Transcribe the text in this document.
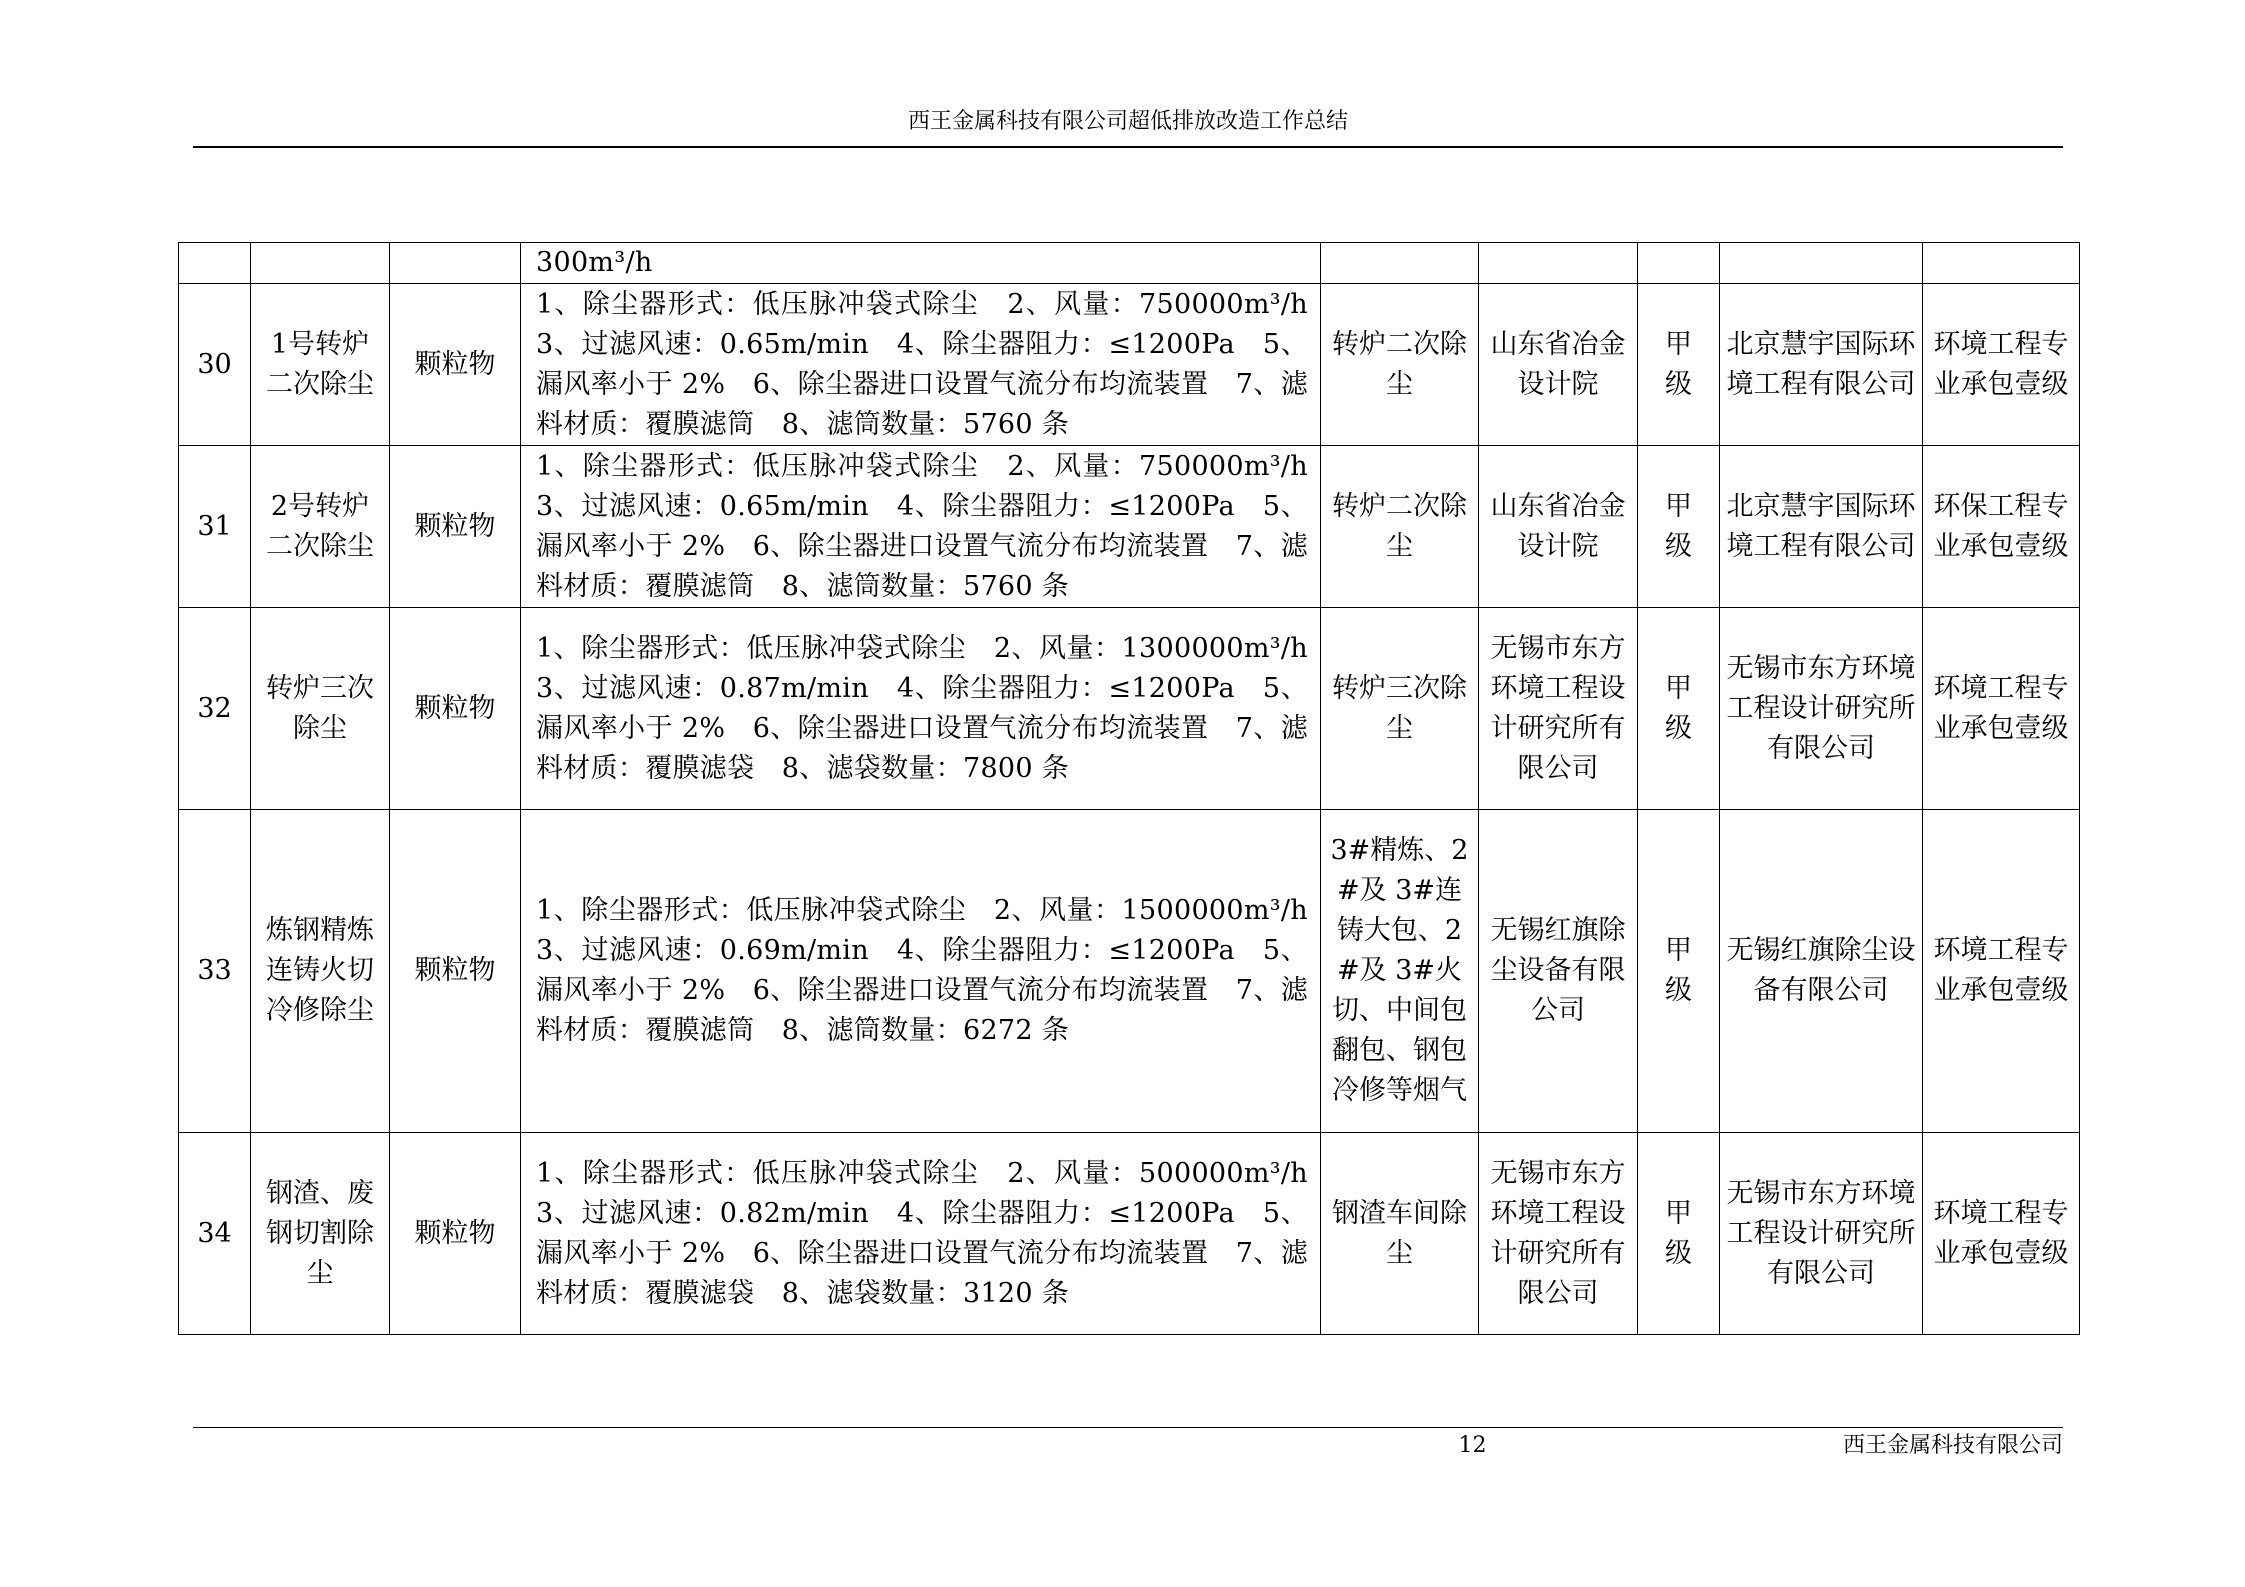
西王金属科技有限公司超低排放改造工作总结
			300m³/h					
30	1号转炉二次除尘	颗粒物	1、除尘器形式：低压脉冲袋式除尘　2、风量：750000m³/h　3、过滤风速：0.65m/min　4、除尘器阻力：≤1200Pa　5、漏风率小于 2%　6、除尘器进口设置气流分布均流装置　7、滤料材质：覆膜滤筒　8、滤筒数量：5760 条	转炉二次除尘	山东省冶金设计院	甲级	北京慧宇国际环境工程有限公司	环境工程专业承包壹级
31	2号转炉二次除尘	颗粒物	1、除尘器形式：低压脉冲袋式除尘　2、风量：750000m³/h　3、过滤风速：0.65m/min　4、除尘器阻力：≤1200Pa　5、漏风率小于 2%　6、除尘器进口设置气流分布均流装置　7、滤料材质：覆膜滤筒　8、滤筒数量：5760 条	转炉二次除尘	山东省冶金设计院	甲级	北京慧宇国际环境工程有限公司	环保工程专业承包壹级
32	转炉三次除尘	颗粒物	1、除尘器形式：低压脉冲袋式除尘　2、风量：1300000m³/h　3、过滤风速：0.87m/min　4、除尘器阻力：≤1200Pa　5、漏风率小于 2%　6、除尘器进口设置气流分布均流装置　7、滤料材质：覆膜滤袋　8、滤袋数量：7800 条	转炉三次除尘	无锡市东方环境工程设计研究所有限公司	甲级	无锡市东方环境工程设计研究所有限公司	环境工程专业承包壹级
33	炼钢精炼连铸火切冷修除尘	颗粒物	1、除尘器形式：低压脉冲袋式除尘　2、风量：1500000m³/h　3、过滤风速：0.69m/min　4、除尘器阻力：≤1200Pa　5、漏风率小于 2%　6、除尘器进口设置气流分布均流装置　7、滤料材质：覆膜滤筒　8、滤筒数量：6272 条	3#精炼、2#及 3#连铸大包、2#及 3#火切、中间包翻包、钢包冷修等烟气	无锡红旗除尘设备有限公司	甲级	无锡红旗除尘设备有限公司	环境工程专业承包壹级
34	钢渣、废钢切割除尘	颗粒物	1、除尘器形式：低压脉冲袋式除尘　2、风量：500000m³/h　3、过滤风速：0.82m/min　4、除尘器阻力：≤1200Pa　5、漏风率小于 2%　6、除尘器进口设置气流分布均流装置　7、滤料材质：覆膜滤袋　8、滤袋数量：3120 条	钢渣车间除尘	无锡市东方环境工程设计研究所有限公司	甲级	无锡市东方环境工程设计研究所有限公司	环境工程专业承包壹级
12	西王金属科技有限公司
